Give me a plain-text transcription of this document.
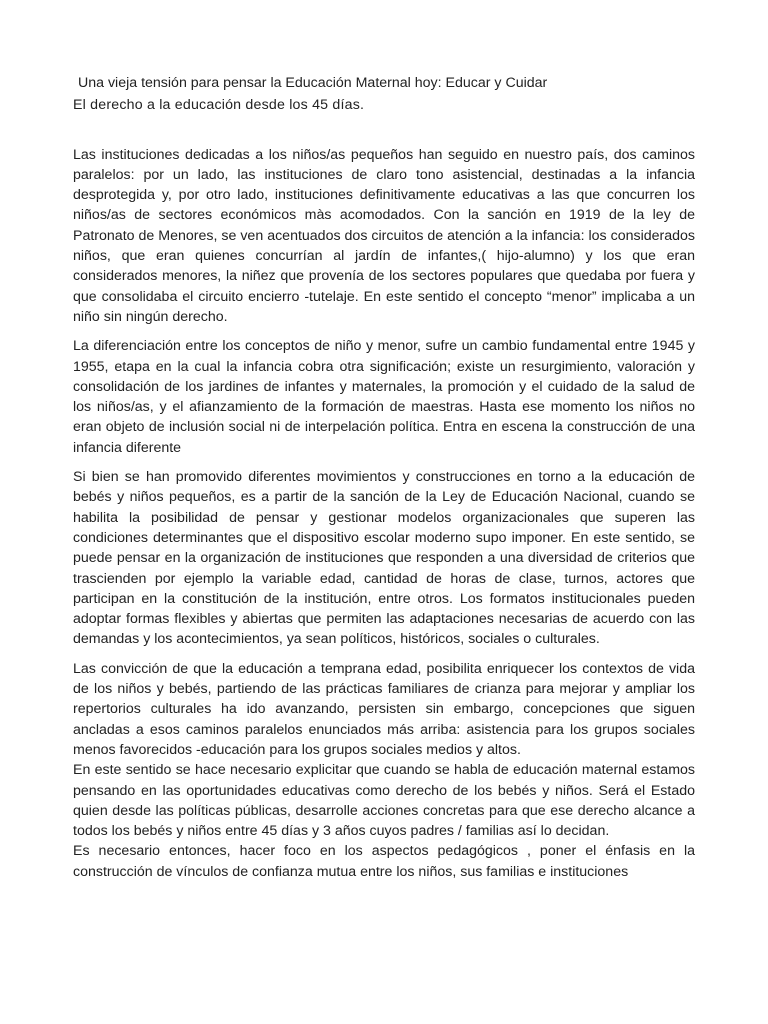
Una vieja tensión para pensar la Educación Maternal hoy: Educar y Cuidar

El derecho a la educación desde los 45 días.

Las instituciones dedicadas a los niños/as pequeños han seguido en nuestro país, dos caminos paralelos: por un lado, las instituciones de claro tono asistencial, destinadas a la infancia desprotegida y, por otro lado, instituciones definitivamente educativas a las que concurren los niños/as de sectores económicos màs acomodados. Con la sanción en 1919 de la ley de Patronato de Menores, se ven acentuados dos circuitos de atención a la infancia: los considerados niños, que eran quienes concurrían al jardín de infantes,( hijo-alumno) y los que eran considerados menores, la niñez que provenía de los sectores populares que quedaba por fuera y que consolidaba el circuito encierro -tutelaje. En este sentido el concepto “menor” implicaba a un niño sin ningún derecho.

La diferenciación entre los conceptos de niño y menor, sufre un cambio fundamental entre 1945 y 1955, etapa en la cual la infancia cobra otra significación; existe un resurgimiento, valoración y consolidación de los jardines de infantes y maternales, la promoción y el cuidado de la salud de los niños/as, y el afianzamiento de la formación de maestras. Hasta ese momento los niños no eran objeto de inclusión social ni de interpelación política. Entra en escena la construcción de una infancia diferente

Si bien se han promovido diferentes movimientos y construcciones en torno a la educación de bebés y niños pequeños, es a partir de la sanción de la Ley de Educación Nacional, cuando se habilita la posibilidad de pensar y gestionar modelos organizacionales que superen las condiciones determinantes que el dispositivo escolar moderno supo imponer. En este sentido, se puede pensar en la organización de instituciones que responden a una diversidad de criterios que trascienden por ejemplo la variable edad, cantidad de horas de clase, turnos, actores que participan en la constitución de la institución, entre otros. Los formatos institucionales pueden adoptar formas flexibles y abiertas que permiten las adaptaciones necesarias de acuerdo con las demandas y los acontecimientos, ya sean políticos, históricos, sociales o culturales.

Las convicción de que la educación a temprana edad, posibilita enriquecer los contextos de vida de los niños y bebés, partiendo de las prácticas familiares de crianza para mejorar y ampliar los repertorios culturales ha ido avanzando, persisten sin embargo, concepciones que siguen ancladas a esos caminos paralelos enunciados más arriba: asistencia para los grupos sociales menos favorecidos -educación para los grupos sociales medios y altos.

En este sentido se hace necesario explicitar que cuando se habla de educación maternal estamos pensando en las oportunidades educativas como derecho de los bebés y niños. Será el Estado quien desde las políticas públicas, desarrolle acciones concretas para que ese derecho alcance a todos los bebés y niños entre 45 días y 3 años cuyos padres / familias así lo decidan.

Es necesario entonces, hacer foco en los aspectos pedagógicos , poner el énfasis en la construcción de vínculos de confianza mutua entre los niños, sus familias e instituciones
